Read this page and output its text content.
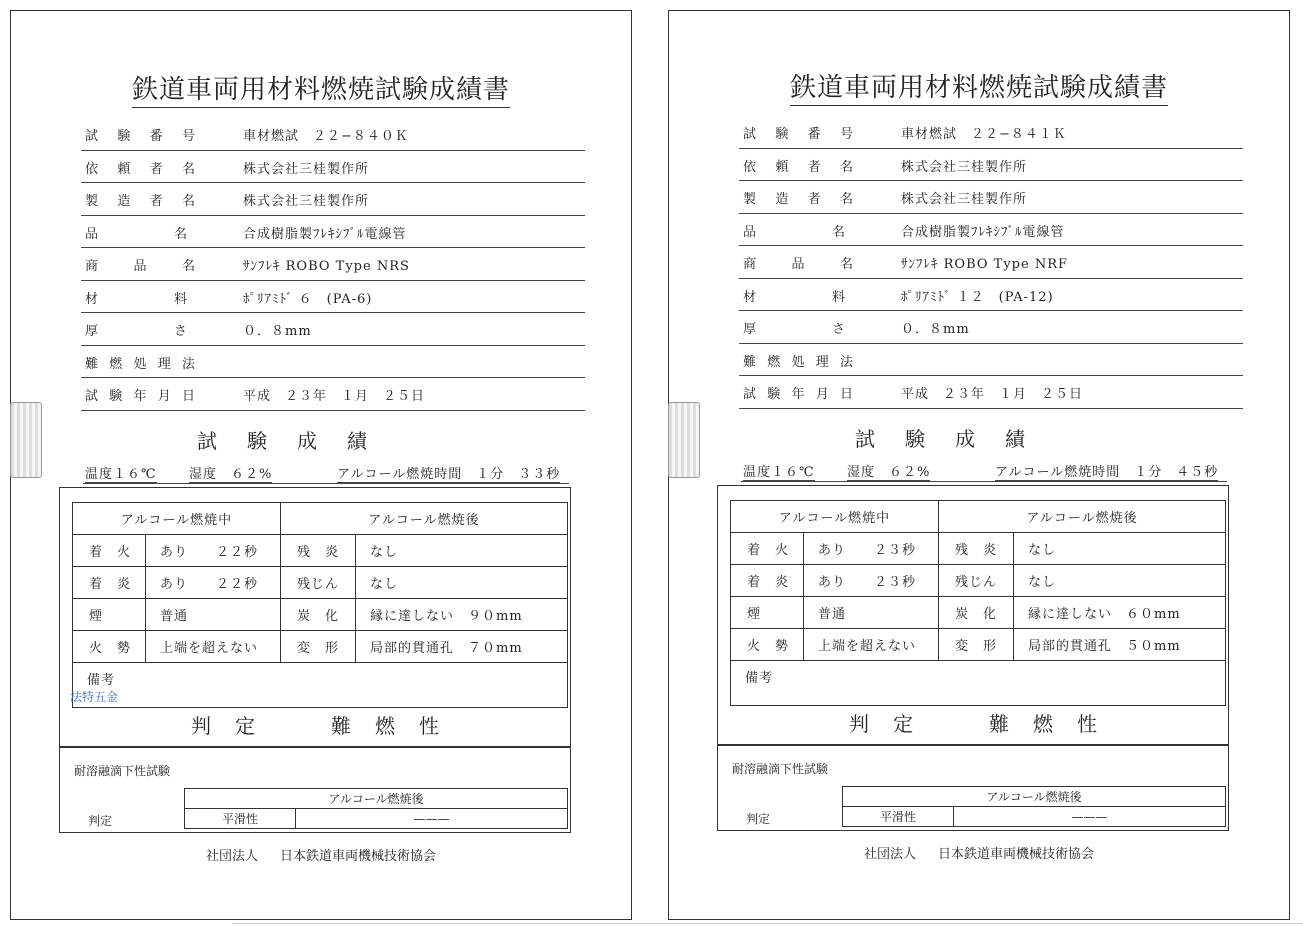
鉄道車両用材料燃焼試験成績書
試 験 番 号	車材燃試　２２−８４０Ｋ
依 頼 者 名	株式会社三桂製作所
製 造 者 名	株式会社三桂製作所
品	名	合成樹脂製ﾌﾚｷｼﾌﾞﾙ電線管
商	品	名	ｻﾝﾌﾚｷ ROBO Type NRS
材	料	ﾎﾟﾘｱﾐﾄﾞ ６　(PA-6)
厚	さ	０．８mm
難 燃 処 理 法
試 験 年 月 日	平成　２３年　１月　２５日
試 験 成 績
温度１６℃ 湿度　６２%	アルコール燃焼時間　１分　３３秒
アルコール燃焼中		アルコール燃焼後	
着　火	あり　　２２秒	残　炎	なし
着　炎	あり　　２２秒	残じん	なし
煙	普通	炭　化	縁に達しない　９０mm
火　勢	上端を超えない	変　形	局部的貫通孔　７０mm
備考			
判 定	難 燃 性
耐溶融滴下性試験
アルコール燃焼後
平滑性	———
判定
社団法人 日本鉄道車両機械技術協会
鉄道車両用材料燃焼試験成績書
試 験 番 号	車材燃試　２２−８４１Ｋ
依 頼 者 名	株式会社三桂製作所
製 造 者 名	株式会社三桂製作所
品	名	合成樹脂製ﾌﾚｷｼﾌﾞﾙ電線管
商	品	名	ｻﾝﾌﾚｷ ROBO Type NRF
材	料	ﾎﾟﾘｱﾐﾄﾞ １２　(PA-12)
厚	さ	０．８mm
難 燃 処 理 法
試 験 年 月 日	平成　２３年　１月　２５日
試 験 成 績
温度１６℃ 湿度　６２%	アルコール燃焼時間　１分　４５秒
アルコール燃焼中		アルコール燃焼後	
着　火	あり　　２３秒	残　炎	なし
着　炎	あり　　２３秒	残じん	なし
煙	普通	炭　化	縁に達しない　６０mm
火　勢	上端を超えない	変　形	局部的貫通孔　５０mm
備考			
判 定	難 燃 性
耐溶融滴下性試験
アルコール燃焼後
平滑性	———
判定
社団法人 日本鉄道車両機械技術協会
法特五金
